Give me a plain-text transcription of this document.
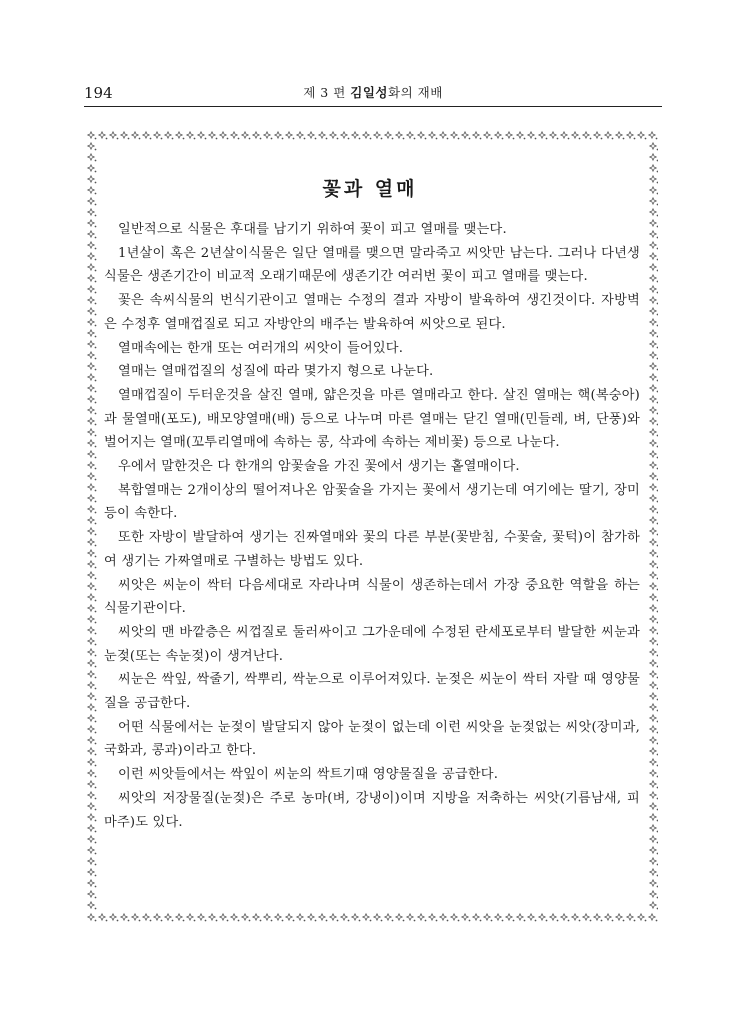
194	제 3 편 김일성화의 재배
꽃과 열매

일반적으로 식물은 후대를 남기기 위하여 꽃이 피고 열매를 맺는다.

1년살이 혹은 2년살이식물은 일단 열매를 맺으면 말라죽고 씨앗만 남는다. 그러나 다년생식물은 생존기간이 비교적 오래기때문에 생존기간 여러번 꽃이 피고 열매를 맺는다.

꽃은 속씨식물의 번식기관이고 열매는 수정의 결과 자방이 발육하여 생긴것이다. 자방벽은 수정후 열매껍질로 되고 자방안의 배주는 발육하여 씨앗으로 된다.

열매속에는 한개 또는 여러개의 씨앗이 들어있다.

열매는 열매껍질의 성질에 따라 몇가지 형으로 나눈다.

열매껍질이 두터운것을 살진 열매, 얇은것을 마른 열매라고 한다. 살진 열매는 핵(복숭아)과 물열매(포도), 배모양열매(배) 등으로 나누며 마른 열매는 닫긴 열매(민들레, 벼, 단풍)와 벌어지는 열매(꼬투리열매에 속하는 콩, 삭과에 속하는 제비꽃) 등으로 나눈다.

우에서 말한것은 다 한개의 암꽃술을 가진 꽃에서 생기는 홑열매이다.

복합열매는 2개이상의 떨어져나온 암꽃술을 가지는 꽃에서 생기는데 여기에는 딸기, 장미 등이 속한다.

또한 자방이 발달하여 생기는 진짜열매와 꽃의 다른 부분(꽃받침, 수꽃술, 꽃턱)이 참가하여 생기는 가짜열매로 구별하는 방법도 있다.

씨앗은 씨눈이 싹터 다음세대로 자라나며 식물이 생존하는데서 가장 중요한 역할을 하는 식물기관이다.

씨앗의 맨 바깥층은 씨껍질로 둘러싸이고 그가운데에 수정된 란세포로부터 발달한 씨눈과 눈젖(또는 속눈젖)이 생겨난다.

씨눈은 싹잎, 싹줄기, 싹뿌리, 싹눈으로 이루어져있다. 눈젖은 씨눈이 싹터 자랄 때 영양물질을 공급한다.

어떤 식물에서는 눈젖이 발달되지 않아 눈젖이 없는데 이런 씨앗을 눈젖없는 씨앗(장미과, 국화과, 콩과)이라고 한다.

이런 씨앗들에서는 싹잎이 씨눈의 싹트기때 영양물질을 공급한다.

씨앗의 저장물질(눈젖)은 주로 농마(벼, 강냉이)이며 지방을 저축하는 씨앗(기름남새, 피마주)도 있다.
